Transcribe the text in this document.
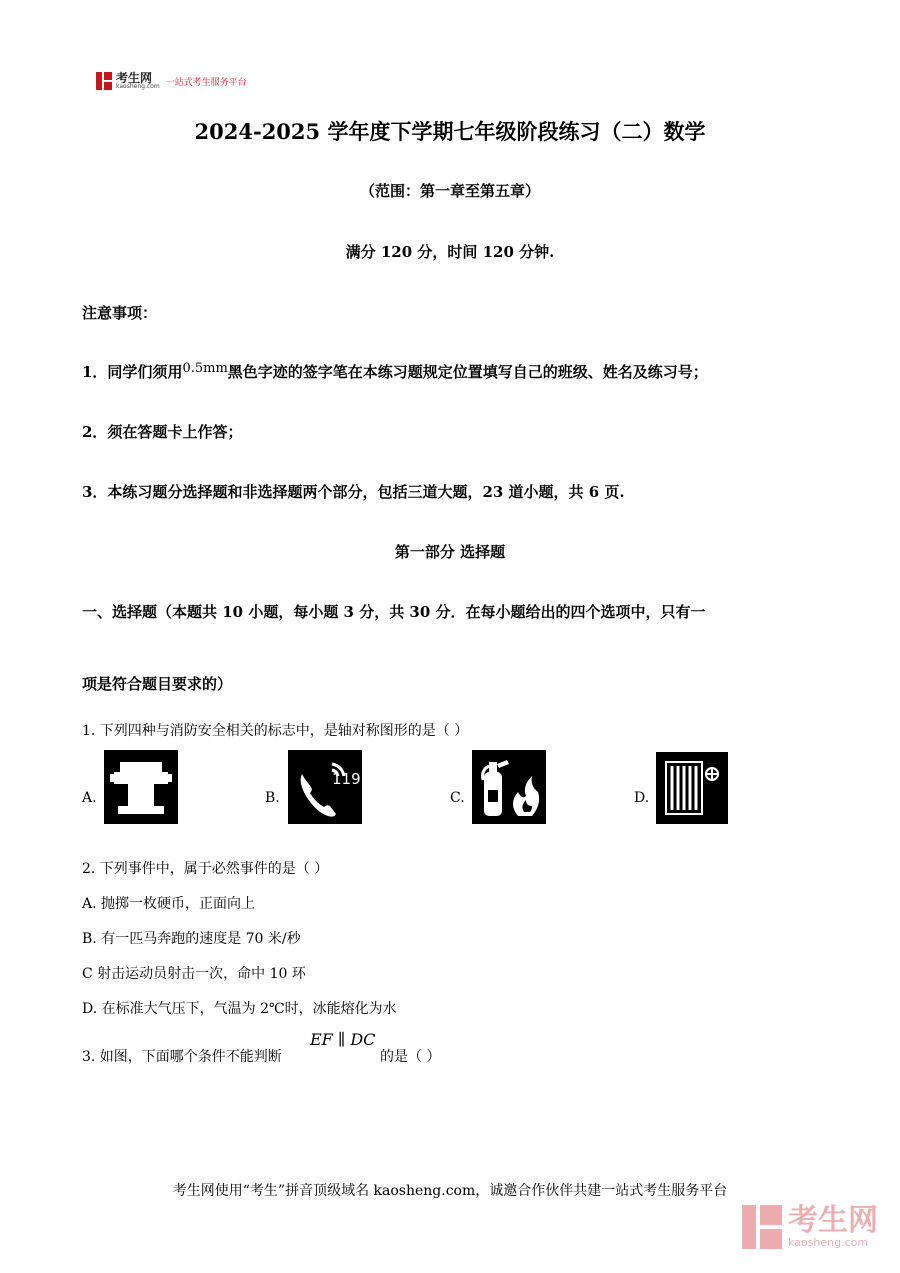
考生网
kaosheng.com 一站式考生服务平台
2024-2025 学年度下学期七年级阶段练习（二）数学
（范围：第一章至第五章）
满分 120 分，时间 120 分钟.
注意事项：
1．同学们须用0.5mm黑色字迹的签字笔在本练习题规定位置填写自己的班级、姓名及练习号；
2．须在答题卡上作答；
3．本练习题分选择题和非选择题两个部分，包括三道大题，23 道小题，共 6 页.
第一部分 选择题
一、选择题（本题共 10 小题，每小题 3 分，共 30 分．在每小题给出的四个选项中，只有一
项是符合题目要求的）
1. 下列四种与消防安全相关的标志中，是轴对称图形的是（ ）
A.	B.
119
C.	D.
2. 下列事件中，属于必然事件的是（ ）
A. 抛掷一枚硬币，正面向上
B. 有一匹马奔跑的速度是 70 米/秒
C 射击运动员射击一次，命中 10 环
D. 在标准大气压下，气温为 2℃时，冰能熔化为水
3. 如图，下面哪个条件不能判断
EF ∥ DC
的是（ ）
考生网使用“考生”拼音顶级域名 kaosheng.com，诚邀合作伙伴共建一站式考生服务平台
考生网
kaosheng.com
